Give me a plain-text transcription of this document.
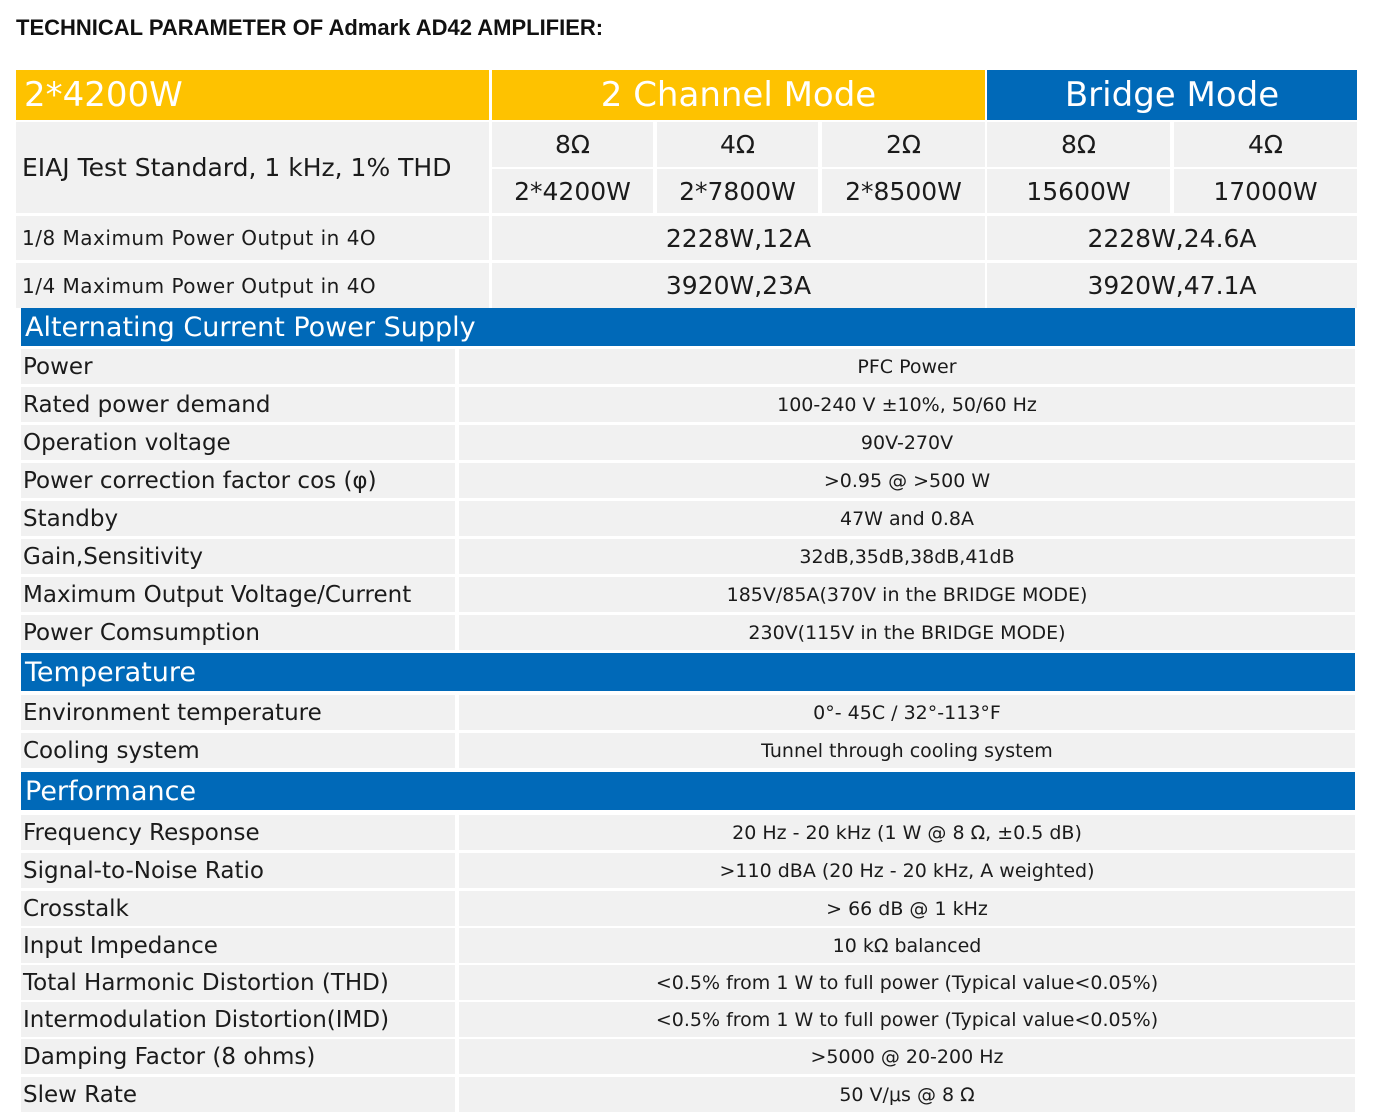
TECHNICAL PARAMETER OF Admark AD42 AMPLIFIER:
2*4200W	2 Channel Mode	Bridge Mode
EIAJ Test Standard, 1 kHz, 1% THD
8Ω	4Ω	2Ω	8Ω	4Ω
2*4200W	2*7800W	2*8500W	15600W	17000W
1/8 Maximum Power Output in 4O	2228W,12A	2228W,24.6A
1/4 Maximum Power Output in 4O	3920W,23A	3920W,47.1A
Alternating Current Power Supply
Power	PFC Power
Rated power demand	100-240 V ±10%, 50/60 Hz
Operation voltage	90V-270V
Power correction factor cos (φ)	>0.95 @ >500 W
Standby	47W and 0.8A
Gain,Sensitivity	32dB,35dB,38dB,41dB
Maximum Output Voltage/Current	185V/85A(370V in the BRIDGE MODE)
Power Comsumption	230V(115V in the BRIDGE MODE)
Temperature
Environment temperature	0°- 45C / 32°-113°F
Cooling system	Tunnel through cooling system
Performance
Frequency Response	20 Hz - 20 kHz (1 W @ 8 Ω, ±0.5 dB)
Signal-to-Noise Ratio	>110 dBA (20 Hz - 20 kHz, A weighted)
Crosstalk	> 66 dB @ 1 kHz
Input Impedance	10 kΩ balanced
Total Harmonic Distortion (THD)	<0.5% from 1 W to full power (Typical value<0.05%)
Intermodulation Distortion(IMD)	<0.5% from 1 W to full power (Typical value<0.05%)
Damping Factor (8 ohms)	>5000 @ 20-200 Hz
Slew Rate	50 V/μs @ 8 Ω
